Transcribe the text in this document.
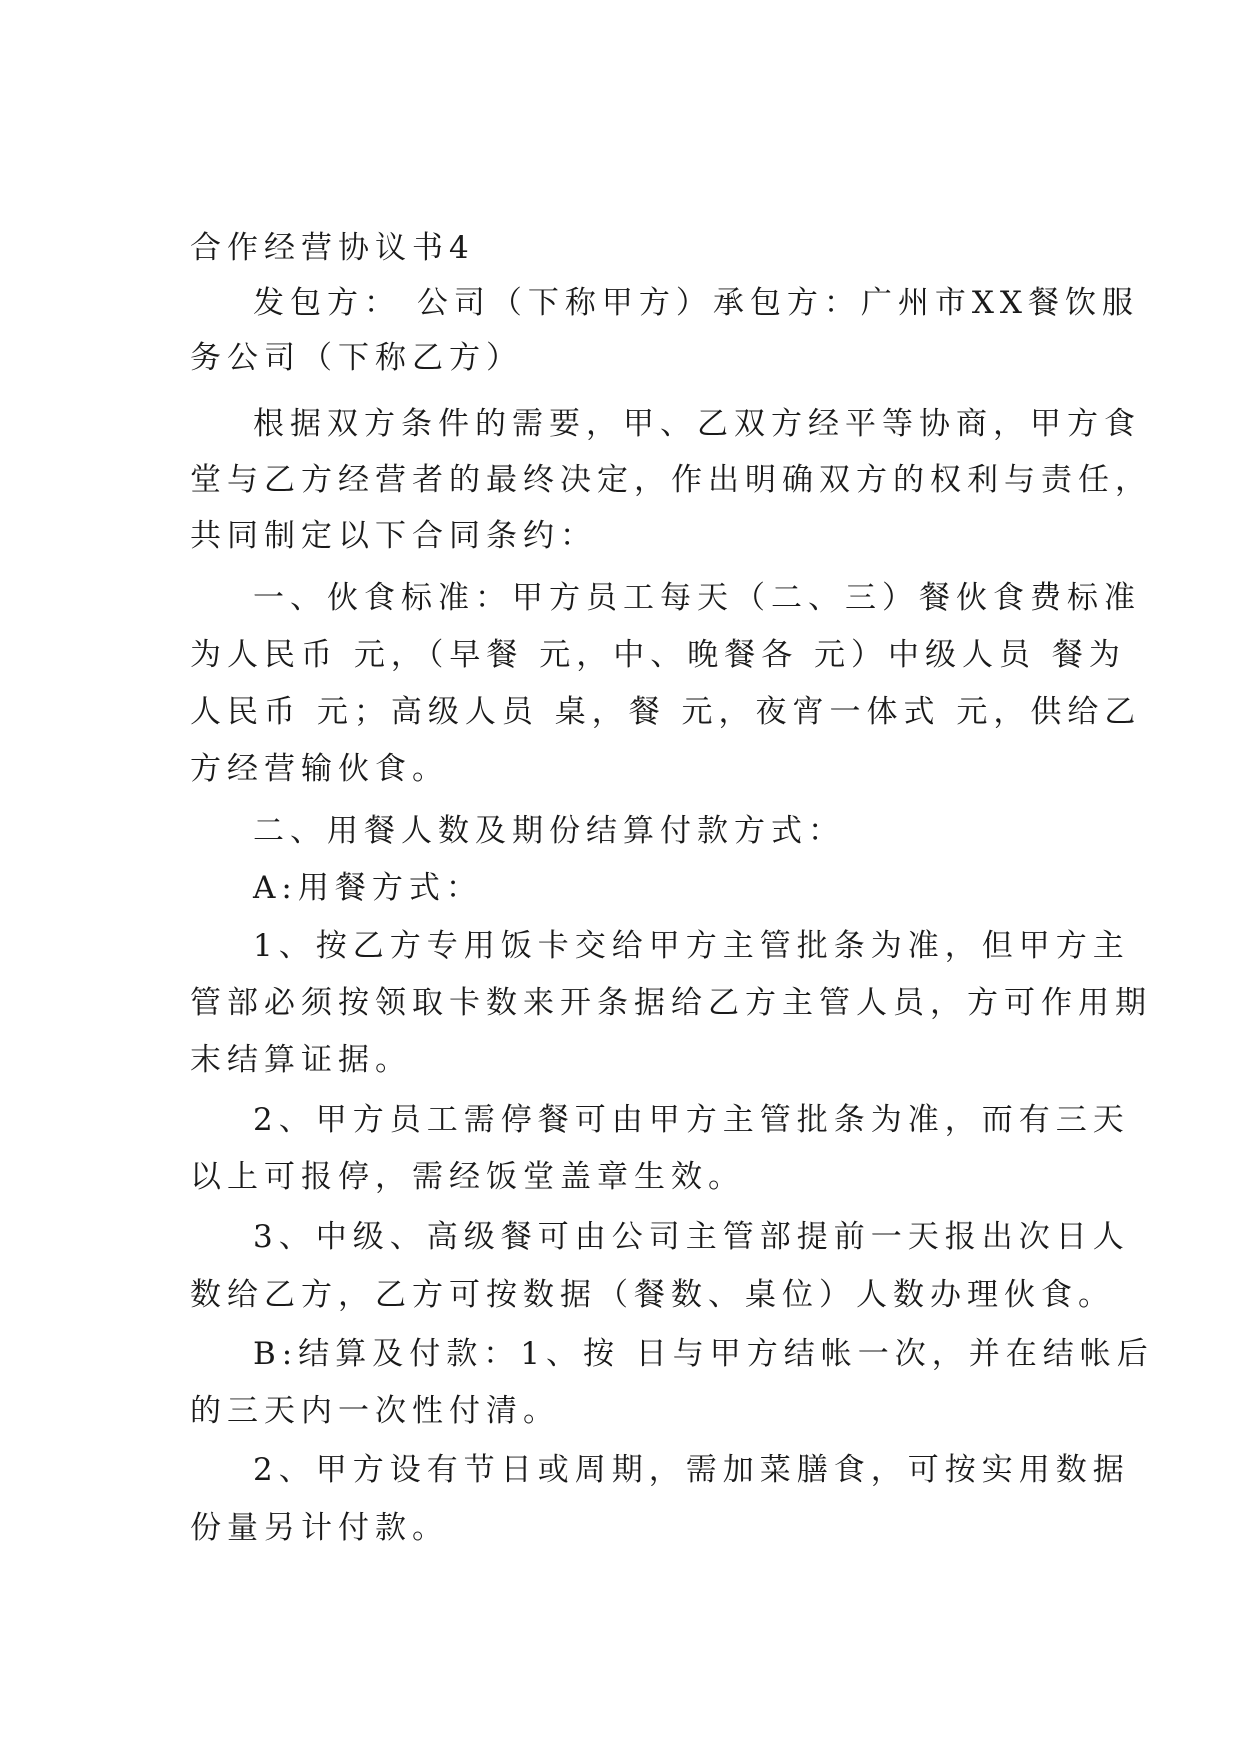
合作经营协议书4
发包方： 公司（下称甲方）承包方：广州市XX餐饮服
务公司（下称乙方）
根据双方条件的需要，甲、乙双方经平等协商，甲方食
堂与乙方经营者的最终决定，作出明确双方的权利与责任，
共同制定以下合同条约：
一、伙食标准：甲方员工每天（二、三）餐伙食费标准
为人民币 元，（早餐 元，中、晚餐各 元）中级人员 餐为
人民币 元；高级人员 桌，餐 元，夜宵一体式 元，供给乙
方经营输伙食。
二、用餐人数及期份结算付款方式：
A:用餐方式：
1、按乙方专用饭卡交给甲方主管批条为准，但甲方主
管部必须按领取卡数来开条据给乙方主管人员，方可作用期
末结算证据。
2、甲方员工需停餐可由甲方主管批条为准，而有三天
以上可报停，需经饭堂盖章生效。
3、中级、高级餐可由公司主管部提前一天报出次日人
数给乙方，乙方可按数据（餐数、桌位）人数办理伙食。
B:结算及付款：1、按 日与甲方结帐一次，并在结帐后
的三天内一次性付清。
2、甲方设有节日或周期，需加菜膳食，可按实用数据
份量另计付款。
